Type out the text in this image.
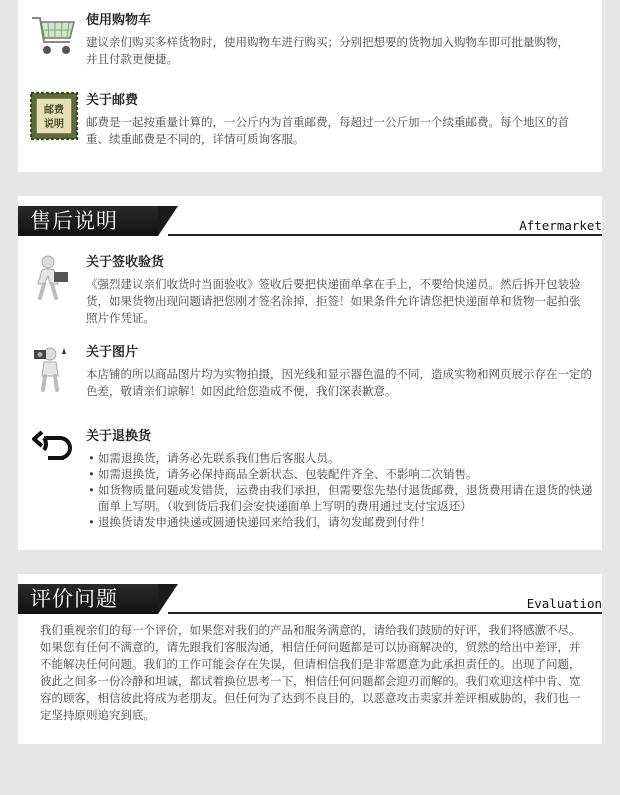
使用购物车
建议亲们购买多样货物时，使用购物车进行购买；分别把想要的货物加入购物车即可批量购物，并且付款更便捷。
邮费
说明
关于邮费
邮费是一起按重量计算的，一公斤内为首重邮费，每超过一公斤加一个续重邮费。每个地区的首重、续重邮费是不同的，详情可质询客服。
售后说明	Aftermarket
关于签收验货
《强烈建议亲们收货时当面验收》签收后要把快递面单拿在手上，不要给快递员。然后拆开包装验货，如果货物出现问题请把您刚才签名涂掉，拒签！如果条件允许请您把快递面单和货物一起拍张照片作凭证。
关于图片
本店铺的所以商品图片均为实物拍摄，因光线和显示器色温的不同，造成实物和网页展示存在一定的色差，敬请亲们谅解！如因此给您造成不便，我们深表歉意。
关于退换货
• 如需退换货，请务必先联系我们售后客服人员。
• 如需退换货，请务必保持商品全新状态、包装配件齐全、不影响二次销售。
• 如货物质量问题或发错货，运费由我们承担，但需要您先垫付退货邮费，退货费用请在退货的快递面单上写明。（收到货后我们会安快递面单上写明的费用通过支付宝返还）
• 退换货请发申通快递或圆通快递回来给我们，请勿发邮费到付件！
评价问题	Evaluation
我们重视亲们的每一个评价，如果您对我们的产品和服务满意的，请给我们鼓励的好评，我们将感激不尽。如果您有任何不满意的，请先跟我们客服沟通，相信任何问题都是可以协商解决的，贸然的给出中差评，并不能解决任何问题。我们的工作可能会存在失误，但请相信我们是非常愿意为此承担责任的。出现了问题，彼此之间多一份冷静和坦诚，都试着换位思考一下，相信任何问题都会迎刃而解的。我们欢迎这样中肯、宽容的顾客，相信彼此将成为老朋友。但任何为了达到不良目的，以恶意攻击卖家并差评相威胁的，我们也一定坚持原则追究到底。
